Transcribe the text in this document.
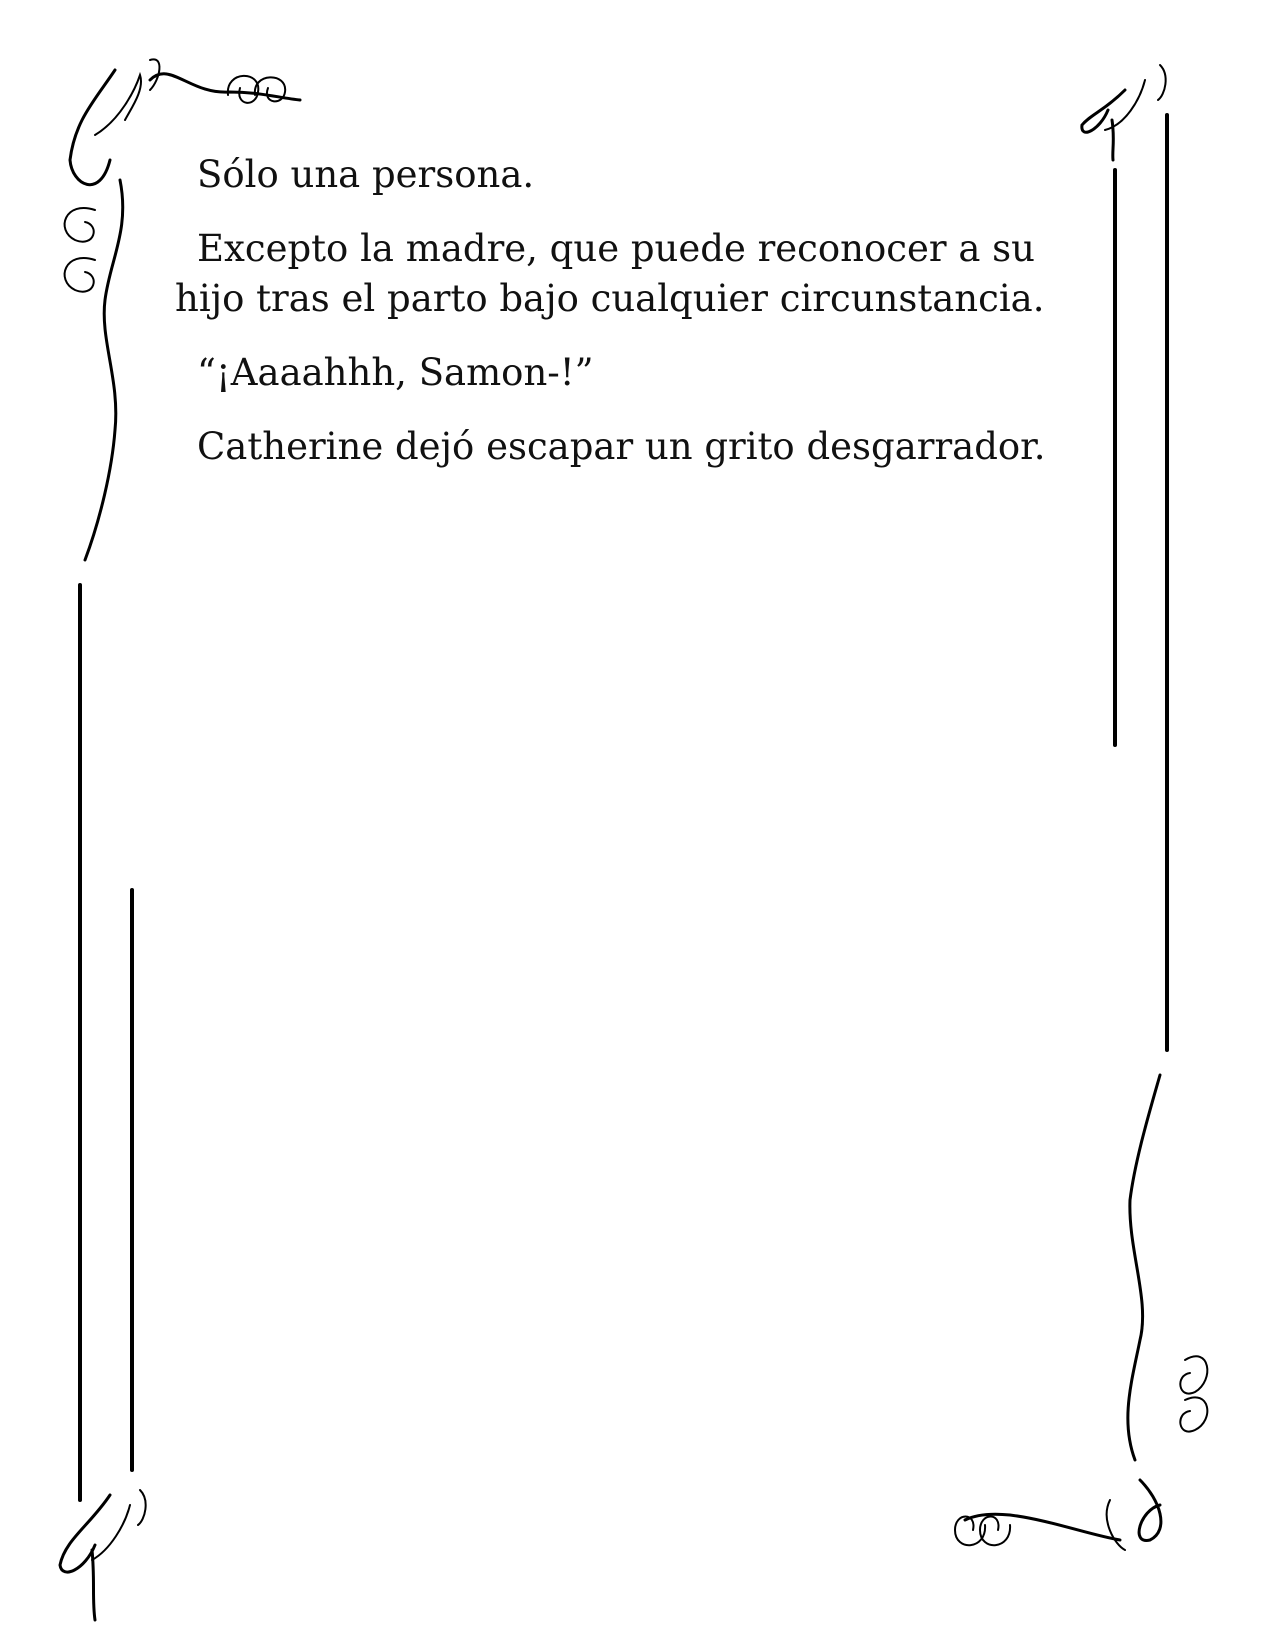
Sólo una persona.

Excepto la madre, que puede reconocer a su hijo tras el parto bajo cualquier circunstancia.

“¡Aaaahhh, Samon-!”

Catherine dejó escapar un grito desgarrador.
